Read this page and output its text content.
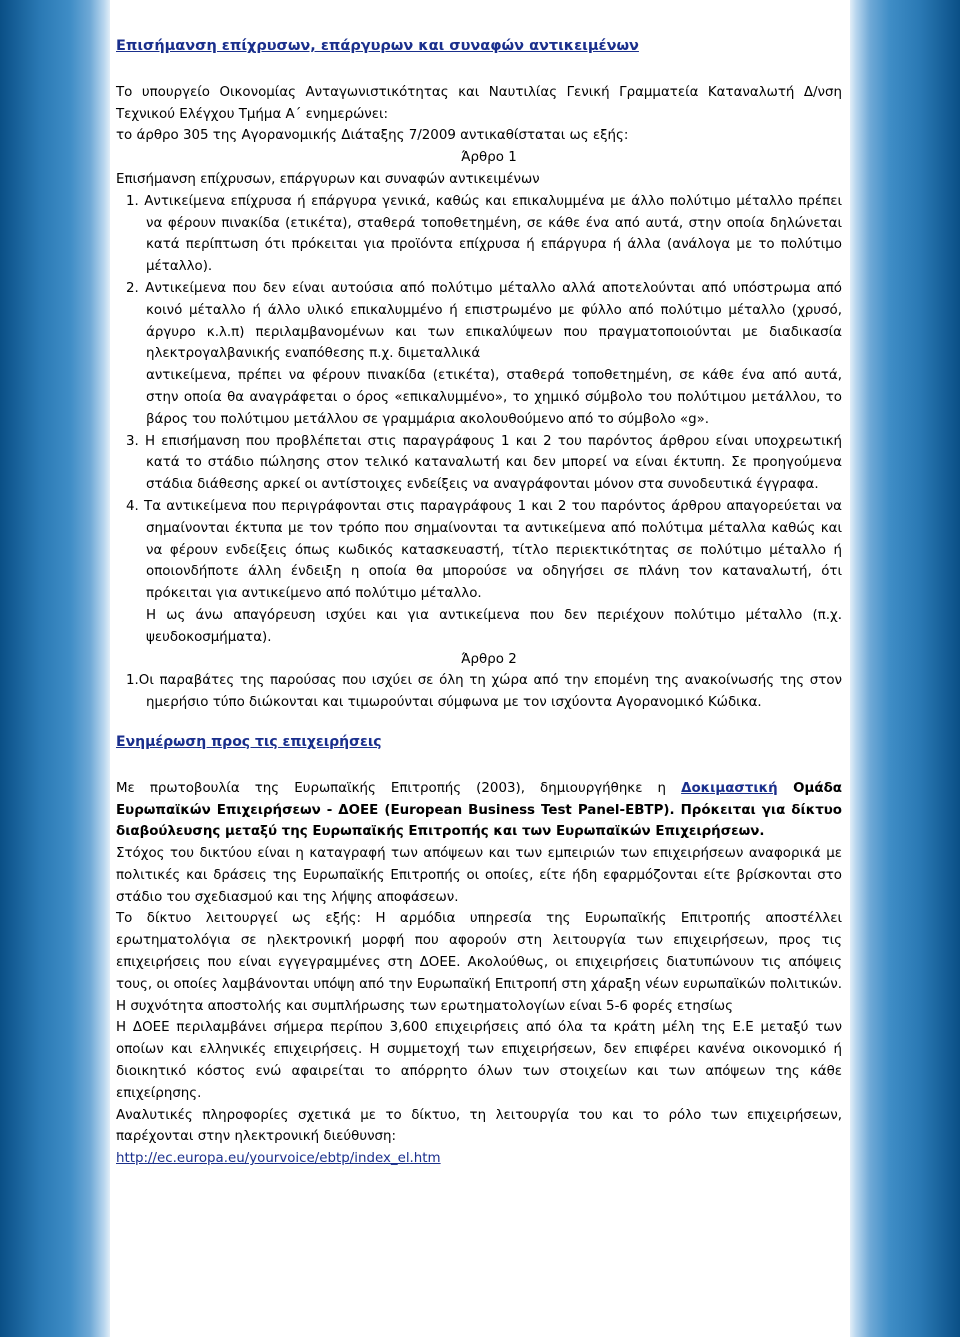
Επισήμανση επίχρυσων, επάργυρων και συναφών αντικειμένων

Το υπουργείο Οικονομίας Ανταγωνιστικότητας και Ναυτιλίας Γενική Γραμματεία Καταναλωτή Δ/νση Τεχνικού Ελέγχου Τμήμα Α΄ ενημερώνει:

το άρθρο 305 της Αγορανομικής Διάταξης 7/2009 αντικαθίσταται ως εξής:

Άρθρο 1

Επισήμανση επίχρυσων, επάργυρων και συναφών αντικειμένων

1. Αντικείμενα επίχρυσα ή επάργυρα γενικά, καθώς και επικαλυμμένα με άλλο πολύτιμο μέταλλο πρέπει να φέρουν πινακίδα (ετικέτα), σταθερά τοποθετημένη, σε κάθε ένα από αυτά, στην οποία δηλώνεται κατά περίπτωση ότι πρόκειται για προϊόντα επίχρυσα ή επάργυρα ή άλλα (ανάλογα με το πολύτιμο μέταλλο).

2. Αντικείμενα που δεν είναι αυτούσια από πολύτιμο μέταλλο αλλά αποτελούνται από υπόστρωμα από κοινό μέταλλο ή άλλο υλικό επικαλυμμένο ή επιστρωμένο με φύλλο από πολύτιμο μέταλλο (χρυσό, άργυρο κ.λ.π) περιλαμβανομένων και των επικαλύψεων που πραγματοποιούνται με διαδικασία ηλεκτρογαλβανικής εναπόθεσης π.χ. διμεταλλικά

αντικείμενα, πρέπει να φέρουν πινακίδα (ετικέτα), σταθερά τοποθετημένη, σε κάθε ένα από αυτά, στην οποία θα αναγράφεται ο όρος «επικαλυμμένο», το χημικό σύμβολο του πολύτιμου μετάλλου, το βάρος του πολύτιμου μετάλλου σε γραμμάρια ακολουθούμενο από το σύμβολο «g».

3. Η επισήμανση που προβλέπεται στις παραγράφους 1 και 2 του παρόντος άρθρου είναι υποχρεωτική κατά το στάδιο πώλησης στον τελικό καταναλωτή και δεν μπορεί να είναι έκτυπη. Σε προηγούμενα στάδια διάθεσης αρκεί οι αντίστοιχες ενδείξεις να αναγράφονται μόνον στα συνοδευτικά έγγραφα.

4. Τα αντικείμενα που περιγράφονται στις παραγράφους 1 και 2 του παρόντος άρθρου απαγορεύεται να σημαίνονται έκτυπα με τον τρόπο που σημαίνονται τα αντικείμενα από πολύτιμα μέταλλα καθώς και να φέρουν ενδείξεις όπως κωδικός κατασκευαστή, τίτλο περιεκτικότητας σε πολύτιμο μέταλλο ή οποιονδήποτε άλλη ένδειξη η οποία θα μπορούσε να οδηγήσει σε πλάνη τον καταναλωτή, ότι πρόκειται για αντικείμενο από πολύτιμο μέταλλο.

Η ως άνω απαγόρευση ισχύει και για αντικείμενα που δεν περιέχουν πολύτιμο μέταλλο (π.χ. ψευδοκοσμήματα).

Άρθρο 2

1.Οι παραβάτες της παρούσας που ισχύει σε όλη τη χώρα από την επομένη της ανακοίνωσής της στον ημερήσιο τύπο διώκονται και τιμωρούνται σύμφωνα με τον ισχύοντα Αγορανομικό Κώδικα.

Ενημέρωση προς τις επιχειρήσεις

Με πρωτοβουλία της Ευρωπαϊκής Επιτροπής (2003), δημιουργήθηκε η Δοκιμαστική Ομάδα Ευρωπαϊκών Επιχειρήσεων - ΔΟΕΕ (European Business Test Panel-EBTP). Πρόκειται για δίκτυο διαβούλευσης μεταξύ της Ευρωπαϊκής Επιτροπής και των Ευρωπαϊκών Επιχειρήσεων.

Στόχος του δικτύου είναι η καταγραφή των απόψεων και των εμπειριών των επιχειρήσεων αναφορικά με πολιτικές και δράσεις της Ευρωπαϊκής Επιτροπής οι οποίες, είτε ήδη εφαρμόζονται είτε βρίσκονται στο στάδιο του σχεδιασμού και της λήψης αποφάσεων.

Το δίκτυο λειτουργεί ως εξής: Η αρμόδια υπηρεσία της Ευρωπαϊκής Επιτροπής αποστέλλει ερωτηματολόγια σε ηλεκτρονική μορφή που αφορούν στη λειτουργία των επιχειρήσεων, προς τις επιχειρήσεις που είναι εγγεγραμμένες στη ΔΟΕΕ. Ακολούθως, οι επιχειρήσεις διατυπώνουν τις απόψεις τους, οι οποίες λαμβάνονται υπόψη από την Ευρωπαϊκή Επιτροπή στη χάραξη νέων ευρωπαϊκών πολιτικών. Η συχνότητα αποστολής και συμπλήρωσης των ερωτηματολογίων είναι 5-6 φορές ετησίως

Η ΔΟΕΕ περιλαμβάνει σήμερα περίπου 3,600 επιχειρήσεις από όλα τα κράτη μέλη της Ε.Ε μεταξύ των οποίων και ελληνικές επιχειρήσεις. Η συμμετοχή των επιχειρήσεων, δεν επιφέρει κανένα οικονομικό ή διοικητικό κόστος ενώ αφαιρείται το απόρρητο όλων των στοιχείων και των απόψεων της κάθε επιχείρησης.

Αναλυτικές πληροφορίες σχετικά με το δίκτυο, τη λειτουργία του και το ρόλο των επιχειρήσεων, παρέχονται στην ηλεκτρονική διεύθυνση:

http://ec.europa.eu/yourvoice/ebtp/index_el.htm
